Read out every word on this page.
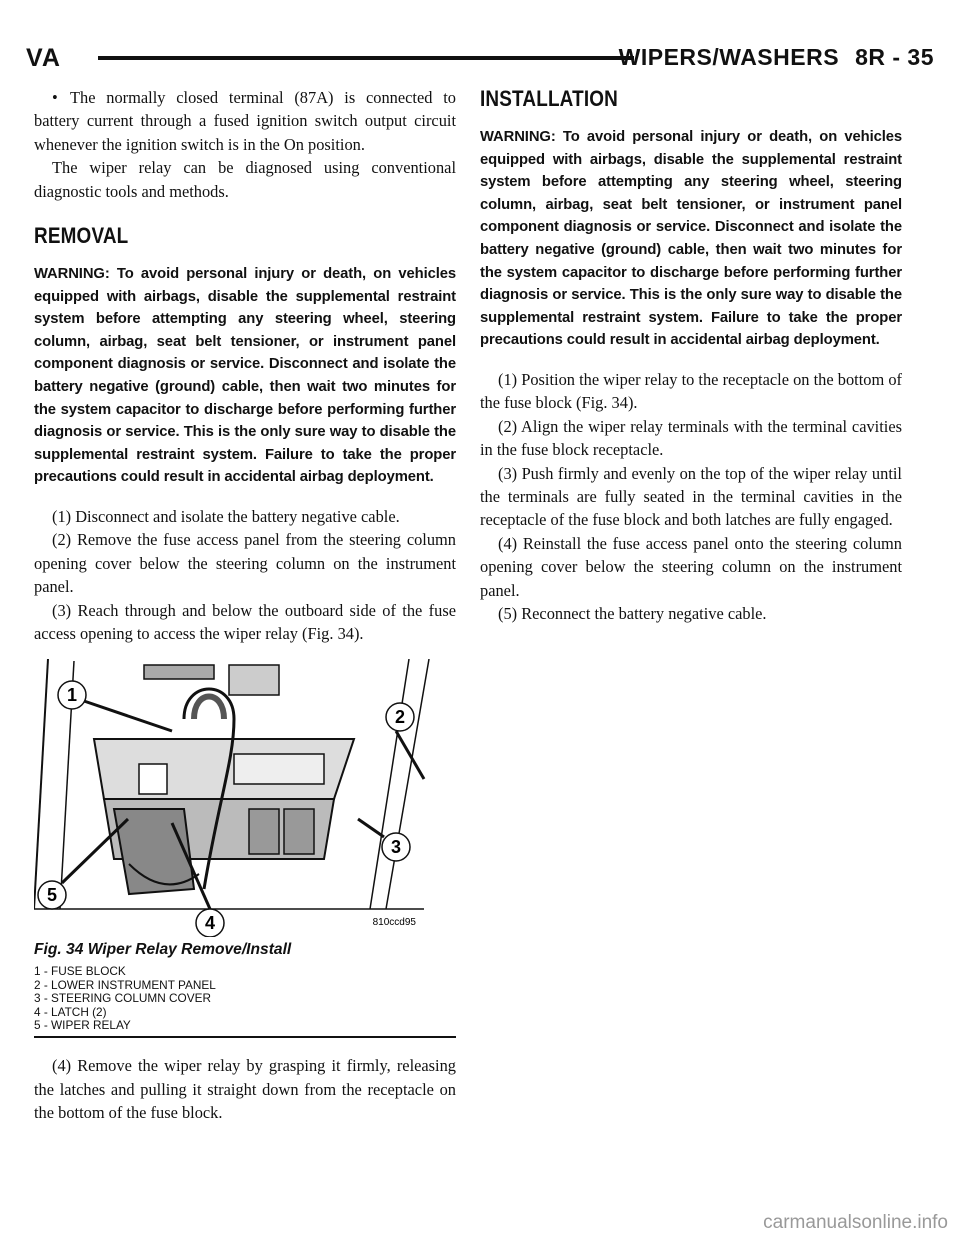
VA	WIPERS/WASHERS 8R - 35

• The normally closed terminal (87A) is connected to battery current through a fused ignition switch output circuit whenever the ignition switch is in the On position.

The wiper relay can be diagnosed using conventional diagnostic tools and methods.

REMOVAL

WARNING: To avoid personal injury or death, on vehicles equipped with airbags, disable the supplemental restraint system before attempting any steering wheel, steering column, airbag, seat belt tensioner, or instrument panel component diagnosis or service. Disconnect and isolate the battery negative (ground) cable, then wait two minutes for the system capacitor to discharge before performing further diagnosis or service. This is the only sure way to disable the supplemental restraint system. Failure to take the proper precautions could result in accidental airbag deployment.

(1) Disconnect and isolate the battery negative cable.

(2) Remove the fuse access panel from the steering column opening cover below the steering column on the instrument panel.

(3) Reach through and below the outboard side of the fuse access opening to access the wiper relay (Fig. 34).

1
2
3
4
5
810ccd95
Fig. 34 Wiper Relay Remove/Install
1 - FUSE BLOCK
2 - LOWER INSTRUMENT PANEL
3 - STEERING COLUMN COVER
4 - LATCH (2)
5 - WIPER RELAY

(4) Remove the wiper relay by grasping it firmly, releasing the latches and pulling it straight down from the receptacle on the bottom of the fuse block.

INSTALLATION

WARNING: To avoid personal injury or death, on vehicles equipped with airbags, disable the supplemental restraint system before attempting any steering wheel, steering column, airbag, seat belt tensioner, or instrument panel component diagnosis or service. Disconnect and isolate the battery negative (ground) cable, then wait two minutes for the system capacitor to discharge before performing further diagnosis or service. This is the only sure way to disable the supplemental restraint system. Failure to take the proper precautions could result in accidental airbag deployment.

(1) Position the wiper relay to the receptacle on the bottom of the fuse block (Fig. 34).

(2) Align the wiper relay terminals with the terminal cavities in the fuse block receptacle.

(3) Push firmly and evenly on the top of the wiper relay until the terminals are fully seated in the terminal cavities in the receptacle of the fuse block and both latches are fully engaged.

(4) Reinstall the fuse access panel onto the steering column opening cover below the steering column on the instrument panel.

(5) Reconnect the battery negative cable.

carmanualsonline.info
